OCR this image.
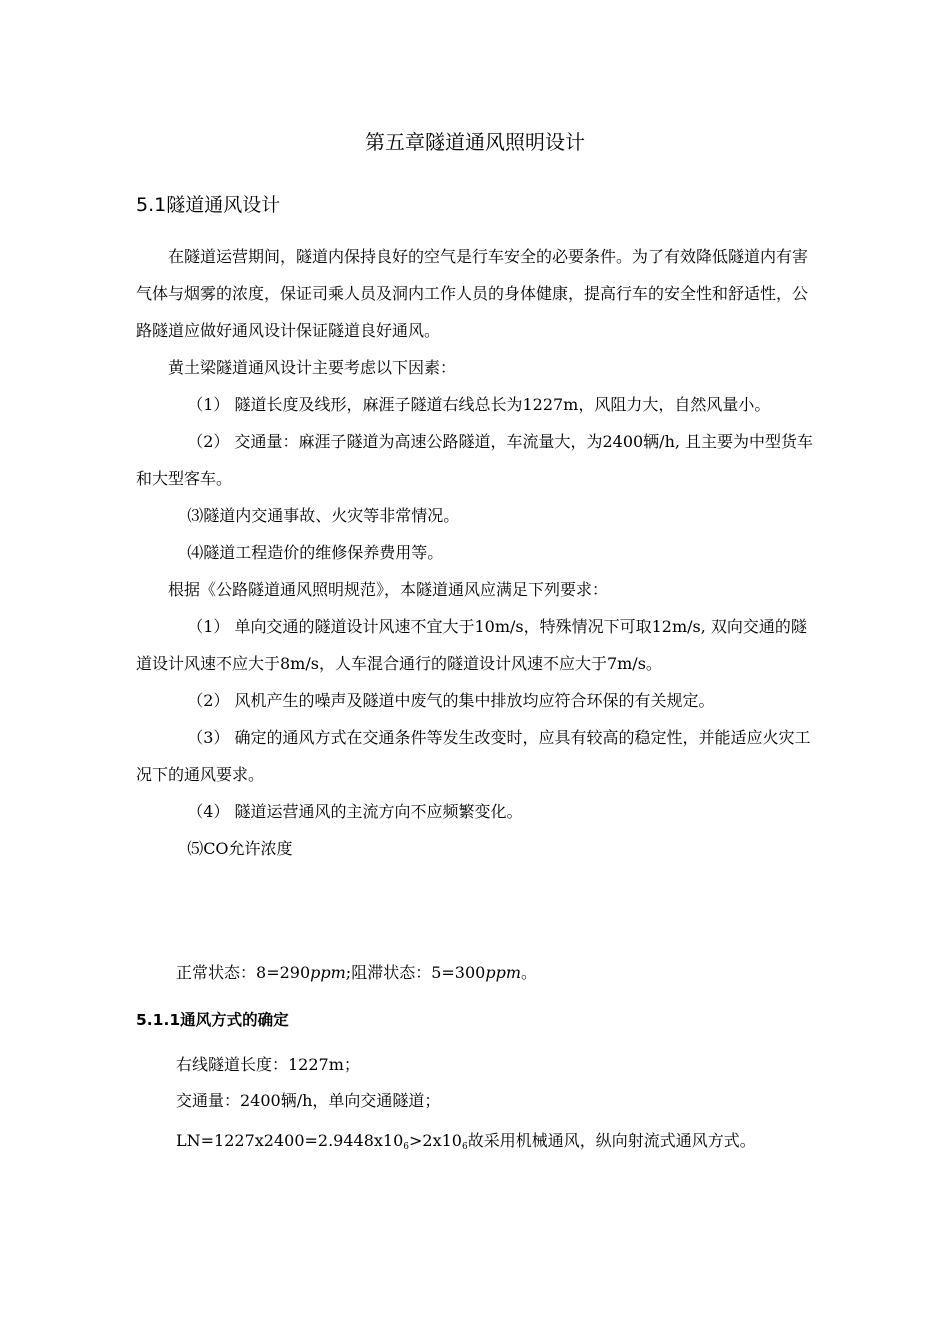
第五章隧道通风照明设计
5.1隧道通风设计

在隧道运营期间，隧道内保持良好的空气是行车安全的必要条件。为了有效降低隧道内有害气体与烟雾的浓度，保证司乘人员及洞内工作人员的身体健康，提高行车的安全性和舒适性，公路隧道应做好通风设计保证隧道良好通风。

黄土梁隧道通风设计主要考虑以下因素：

（1） 隧道长度及线形，麻涯子隧道右线总长为1227m，风阻力大，自然风量小。

（2） 交通量：麻涯子隧道为高速公路隧道，车流量大，为2400辆/h, 且主要为中型货车和大型客车。

⑶隧道内交通事故、火灾等非常情况。

⑷隧道工程造价的维修保养费用等。

根据《公路隧道通风照明规范》，本隧道通风应满足下列要求：

（1） 单向交通的隧道设计风速不宜大于10m/s，特殊情况下可取12m/s, 双向交通的隧道设计风速不应大于8m/s，人车混合通行的隧道设计风速不应大于7m/s。

（2） 风机产生的噪声及隧道中废气的集中排放均应符合环保的有关规定。

（3） 确定的通风方式在交通条件等发生改变时，应具有较高的稳定性，并能适应火灾工况下的通风要求。

（4） 隧道运营通风的主流方向不应频繁变化。

⑸CO允许浓度

正常状态：8=290ppm;阻滞状态：5=300ppm。
5.1.1通风方式的确定
右线隧道长度：1227m；
交通量：2400辆/h，单向交通隧道；
$LN=1227x2400=2.9448x10_6>2x10_6$故采用机械通风，纵向射流式通风方式。
